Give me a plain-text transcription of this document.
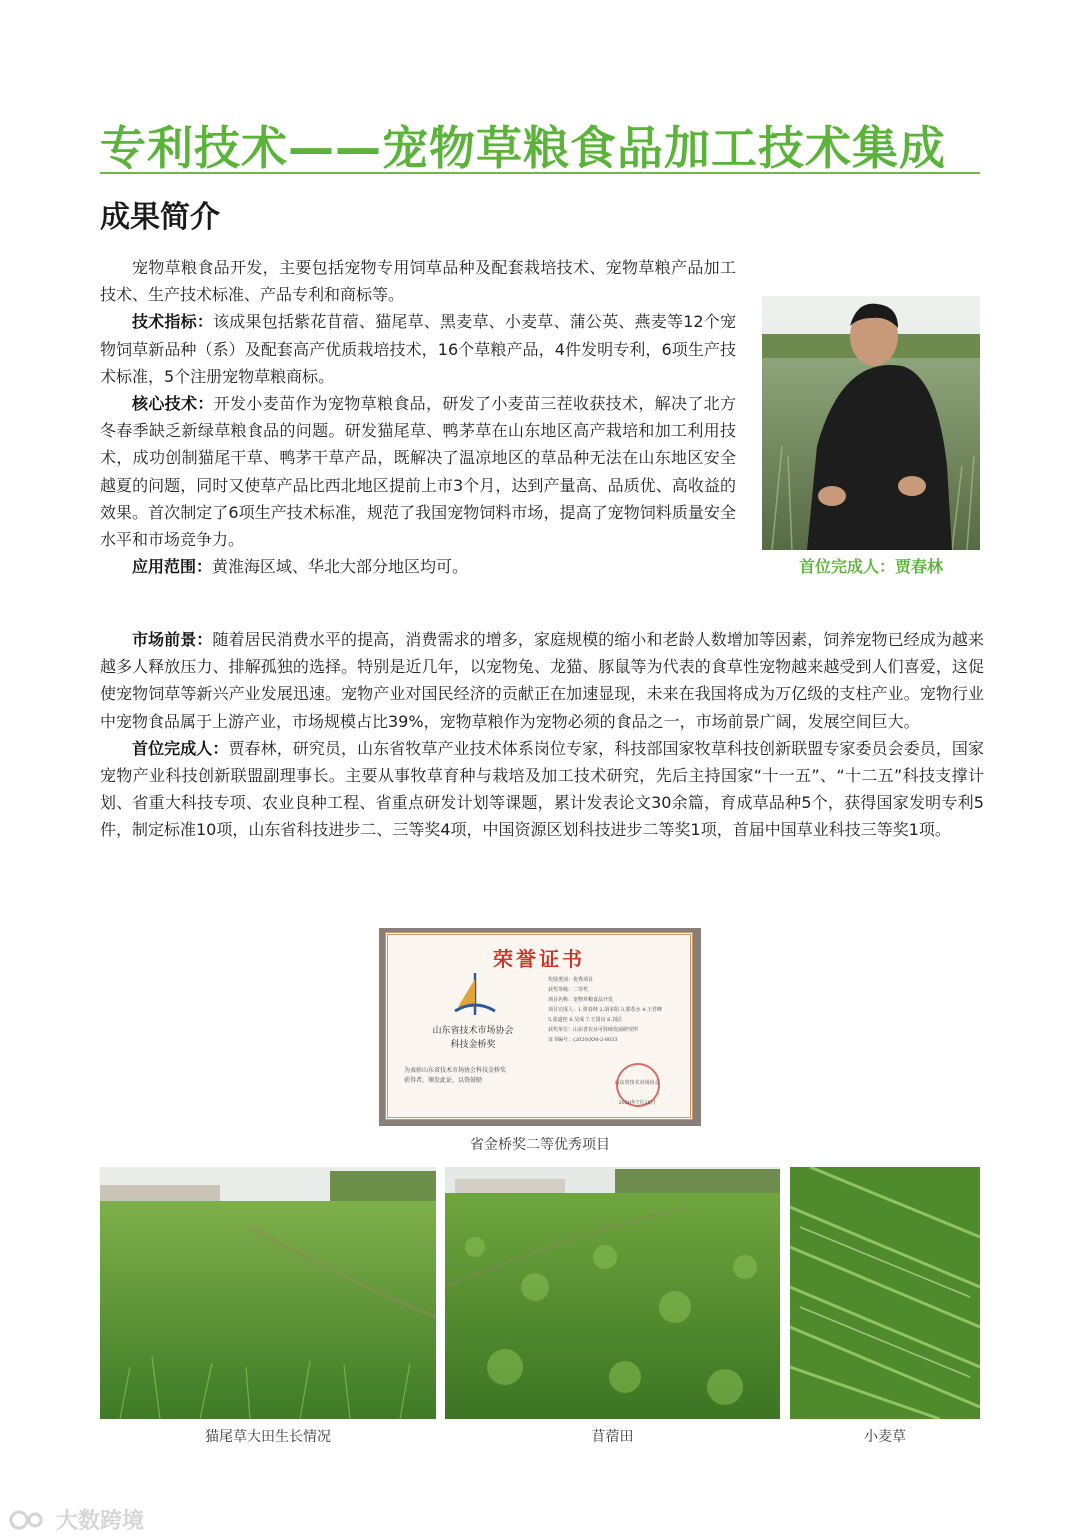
专利技术——宠物草粮食品加工技术集成
成果简介

宠物草粮食品开发，主要包括宠物专用饲草品种及配套栽培技术、宠物草粮产品加工技术、生产技术标准、产品专利和商标等。

技术指标：该成果包括紫花苜蓿、猫尾草、黑麦草、小麦草、蒲公英、燕麦等12个宠物饲草新品种（系）及配套高产优质栽培技术，16个草粮产品，4件发明专利，6项生产技术标准，5个注册宠物草粮商标。

核心技术：开发小麦苗作为宠物草粮食品，研发了小麦苗三茬收获技术，解决了北方冬春季缺乏新绿草粮食品的问题。研发猫尾草、鸭茅草在山东地区高产栽培和加工利用技术，成功创制猫尾干草、鸭茅干草产品，既解决了温凉地区的草品种无法在山东地区安全越夏的问题，同时又使草产品比西北地区提前上市3个月，达到产量高、品质优、高收益的效果。首次制定了6项生产技术标准，规范了我国宠物饲料市场，提高了宠物饲料质量安全水平和市场竞争力。

应用范围：黄淮海区域、华北大部分地区均可。

市场前景：随着居民消费水平的提高，消费需求的增多，家庭规模的缩小和老龄人数增加等因素，饲养宠物已经成为越来越多人释放压力、排解孤独的选择。特别是近几年，以宠物兔、龙猫、豚鼠等为代表的食草性宠物越来越受到人们喜爱，这促使宠物饲草等新兴产业发展迅速。宠物产业对国民经济的贡献正在加速显现，未来在我国将成为万亿级的支柱产业。宠物行业中宠物食品属于上游产业，市场规模占比39%，宠物草粮作为宠物必须的食品之一，市场前景广阔，发展空间巨大。

首位完成人：贾春林，研究员，山东省牧草产业技术体系岗位专家，科技部国家牧草科技创新联盟专家委员会委员，国家宠物产业科技创新联盟副理事长。主要从事牧草育种与栽培及加工技术研究，先后主持国家“十一五”、“十二五”科技支撑计划、省重大科技专项、农业良种工程、省重点研发计划等课题，累计发表论文30余篇，育成草品种5个，获得国家发明专利5件，制定标准10项，山东省科技进步二、三等奖4项，中国资源区划科技进步二等奖1项，首届中国草业科技三等奖1项。

首位完成人：贾春林
荣誉证书
山东省技术市场协会
科技金桥奖
为表彰山东省技术市场协会科技金桥奖
获得者，颁发此证，以资鼓励
奖励类别：优秀项目
获奖等级：二等奖
项目名称：宠物草粮食品开发
项目完成人：1.贾春林 2.胡本阳 3.郭春水 4.王君峰
5.张道桂 6.吴成 7.王国良 8.刘洁
获奖单位：山东省农业可持续发展研究所
证书编号：(2020)XM-2-0033
山东省技术市场协会
2020年7月28日
省金桥奖二等优秀项目
猫尾草大田生长情况	苜蓿田	小麦草
大数跨境
